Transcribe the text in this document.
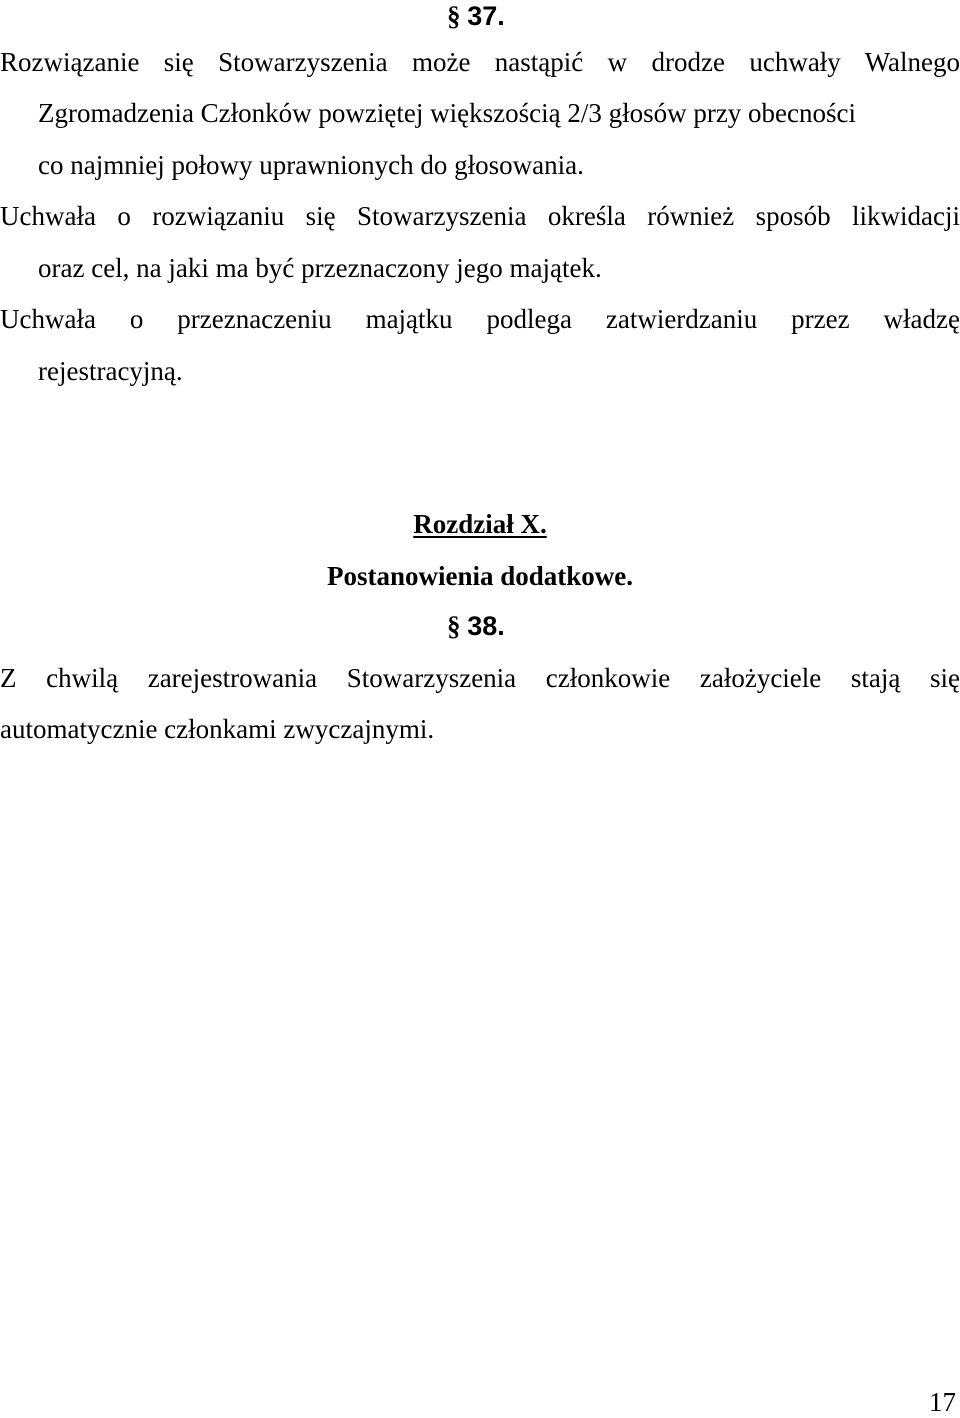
§ 37.

Rozwiązanie się Stowarzyszenia może nastąpić w drodze uchwały Walnego

Zgromadzenia Członków powziętej większością 2/3 głosów przy obecności

co najmniej połowy uprawnionych do głosowania.

Uchwała o rozwiązaniu się Stowarzyszenia określa również sposób likwidacji

oraz cel, na jaki ma być przeznaczony jego majątek.

Uchwała o przeznaczeniu majątku podlega zatwierdzaniu przez władzę

rejestracyjną.

Rozdział X.

Postanowienia dodatkowe.

§ 38.

Z chwilą zarejestrowania Stowarzyszenia członkowie założyciele stają się

automatycznie członkami zwyczajnymi.

17
